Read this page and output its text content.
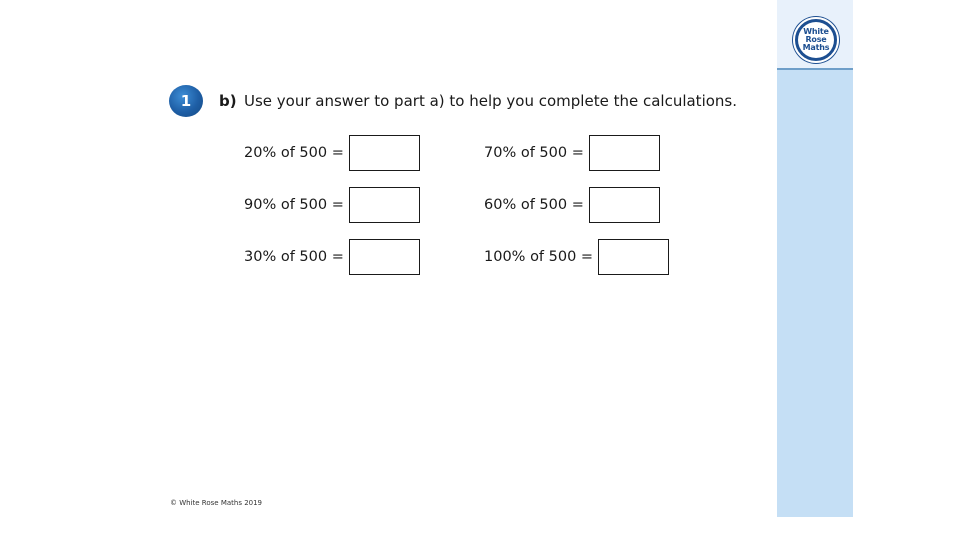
White
Rose
Maths
1	b) Use your answer to part a) to help you complete the calculations.
20% of 500 =	70% of 500 =
90% of 500 =	60% of 500 =
30% of 500 =	100% of 500 =
© White Rose Maths 2019
